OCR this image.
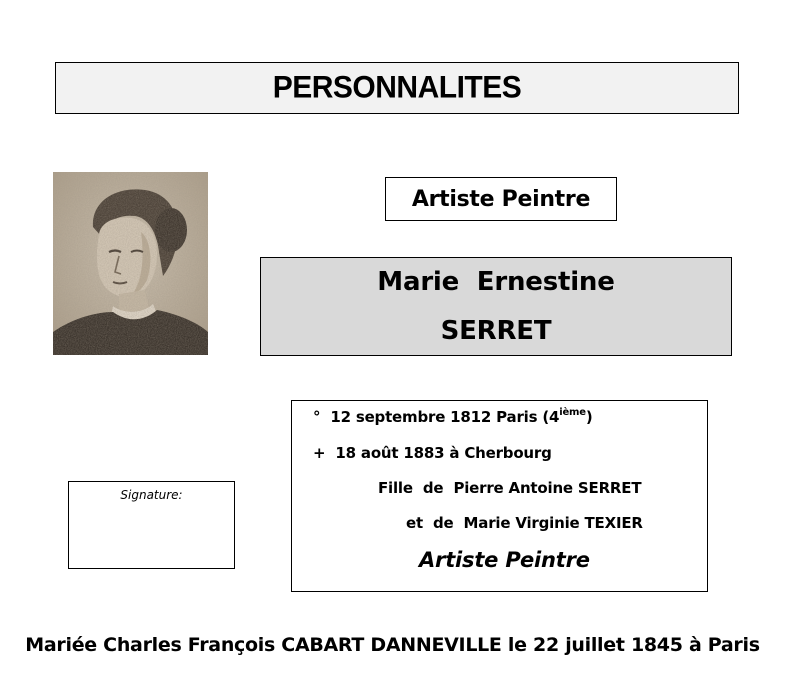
PERSONNALITES
Artiste Peintre
Marie  Ernestine
SERRET
°  12 septembre 1812 Paris (4ième)
+  18 août 1883 à Cherbourg
Fille  de  Pierre Antoine SERRET
et  de  Marie Virginie TEXIER
Artiste Peintre
Signature:
Mariée Charles François CABART DANNEVILLE le 22 juillet 1845 à Paris
